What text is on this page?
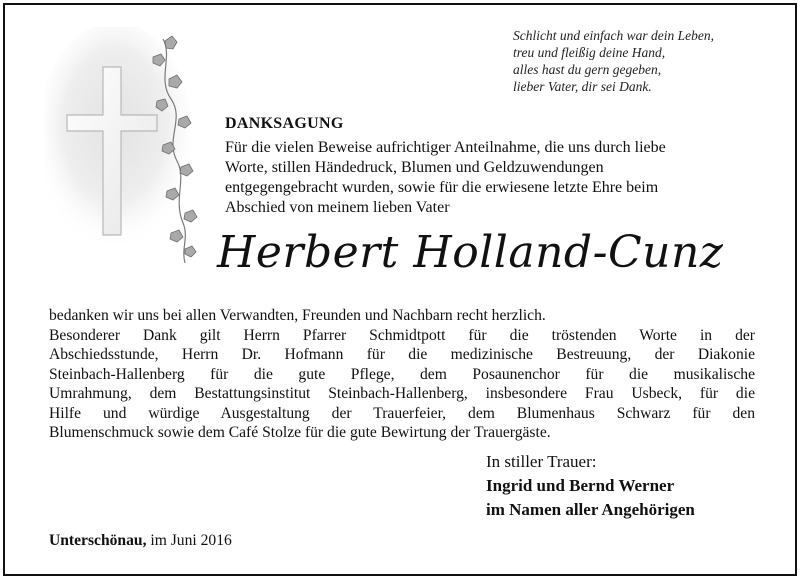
Schlicht und einfach war dein Leben,
treu und fleißig deine Hand,
alles hast du gern gegeben,
lieber Vater, dir sei Dank.
DANKSAGUNG
Für die vielen Beweise aufrichtiger Anteilnahme, die uns durch liebe
Worte, stillen Händedruck, Blumen und Geldzuwendungen
entgegengebracht wurden, sowie für die erwiesene letzte Ehre beim
Abschied von meinem lieben Vater
Herbert Holland-Cunz
bedanken wir uns bei allen Verwandten, Freunden und Nachbarn recht herzlich.
Besonderer Dank gilt Herrn Pfarrer Schmidtpott für die tröstenden Worte in der
Abschiedsstunde, Herrn Dr. Hofmann für die medizinische Bestreuung, der Diakonie
Steinbach-Hallenberg für die gute Pflege, dem Posaunenchor für die musikalische
Umrahmung, dem Bestattungsinstitut Steinbach-Hallenberg, insbesondere Frau Usbeck, für die
Hilfe und würdige Ausgestaltung der Trauerfeier, dem Blumenhaus Schwarz für den
Blumenschmuck sowie dem Café Stolze für die gute Bewirtung der Trauergäste.
In stiller Trauer:
Ingrid und Bernd Werner
im Namen aller Angehörigen
Unterschönau, im Juni 2016
